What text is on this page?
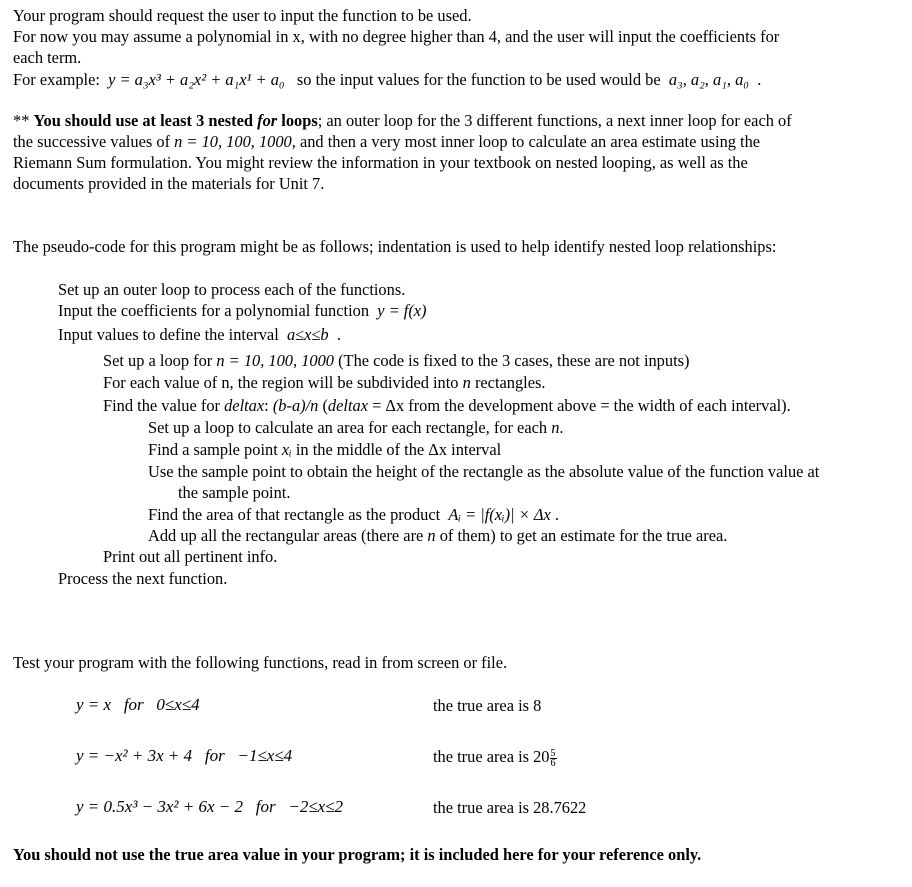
Your program should request the user to input the function to be used.
For now you may assume a polynomial in x, with no degree higher than 4, and the user will input the coefficients for
each term.
For example: y = a₃x³ + a₂x² + a₁x¹ + a₀ so the input values for the function to be used would be a₃, a₂, a₁, a₀ .
** You should use at least 3 nested for loops; an outer loop for the 3 different functions, a next inner loop for each of
the successive values of n = 10, 100, 1000, and then a very most inner loop to calculate an area estimate using the
Riemann Sum formulation. You might review the information in your textbook on nested looping, as well as the
documents provided in the materials for Unit 7.
The pseudo-code for this program might be as follows; indentation is used to help identify nested loop relationships:
Set up an outer loop to process each of the functions.
Input the coefficients for a polynomial function y = f(x)
Input values to define the interval a≤x≤b .
Set up a loop for n = 10, 100, 1000 (The code is fixed to the 3 cases, these are not inputs)
For each value of n, the region will be subdivided into n rectangles.
Find the value for deltax: (b-a)/n (deltax = Δx from the development above = the width of each interval).
Set up a loop to calculate an area for each rectangle, for each n.
Find a sample point xᵢ in the middle of the Δx interval
Use the sample point to obtain the height of the rectangle as the absolute value of the function value at
the sample point.
Find the area of that rectangle as the product Aᵢ = |f(xᵢ)| × Δx .
Add up all the rectangular areas (there are n of them) to get an estimate for the true area.
Print out all pertinent info.
Process the next function.
Test your program with the following functions, read in from screen or file.
y = x for 0≤x≤4	the true area is 8
y = −x² + 3x + 4 for −1≤x≤4	the true area is $20 \frac{5}{6}$
y = 0.5x³ − 3x² + 6x − 2 for −2≤x≤2	the true area is 28.7622
You should not use the true area value in your program; it is included here for your reference only.
